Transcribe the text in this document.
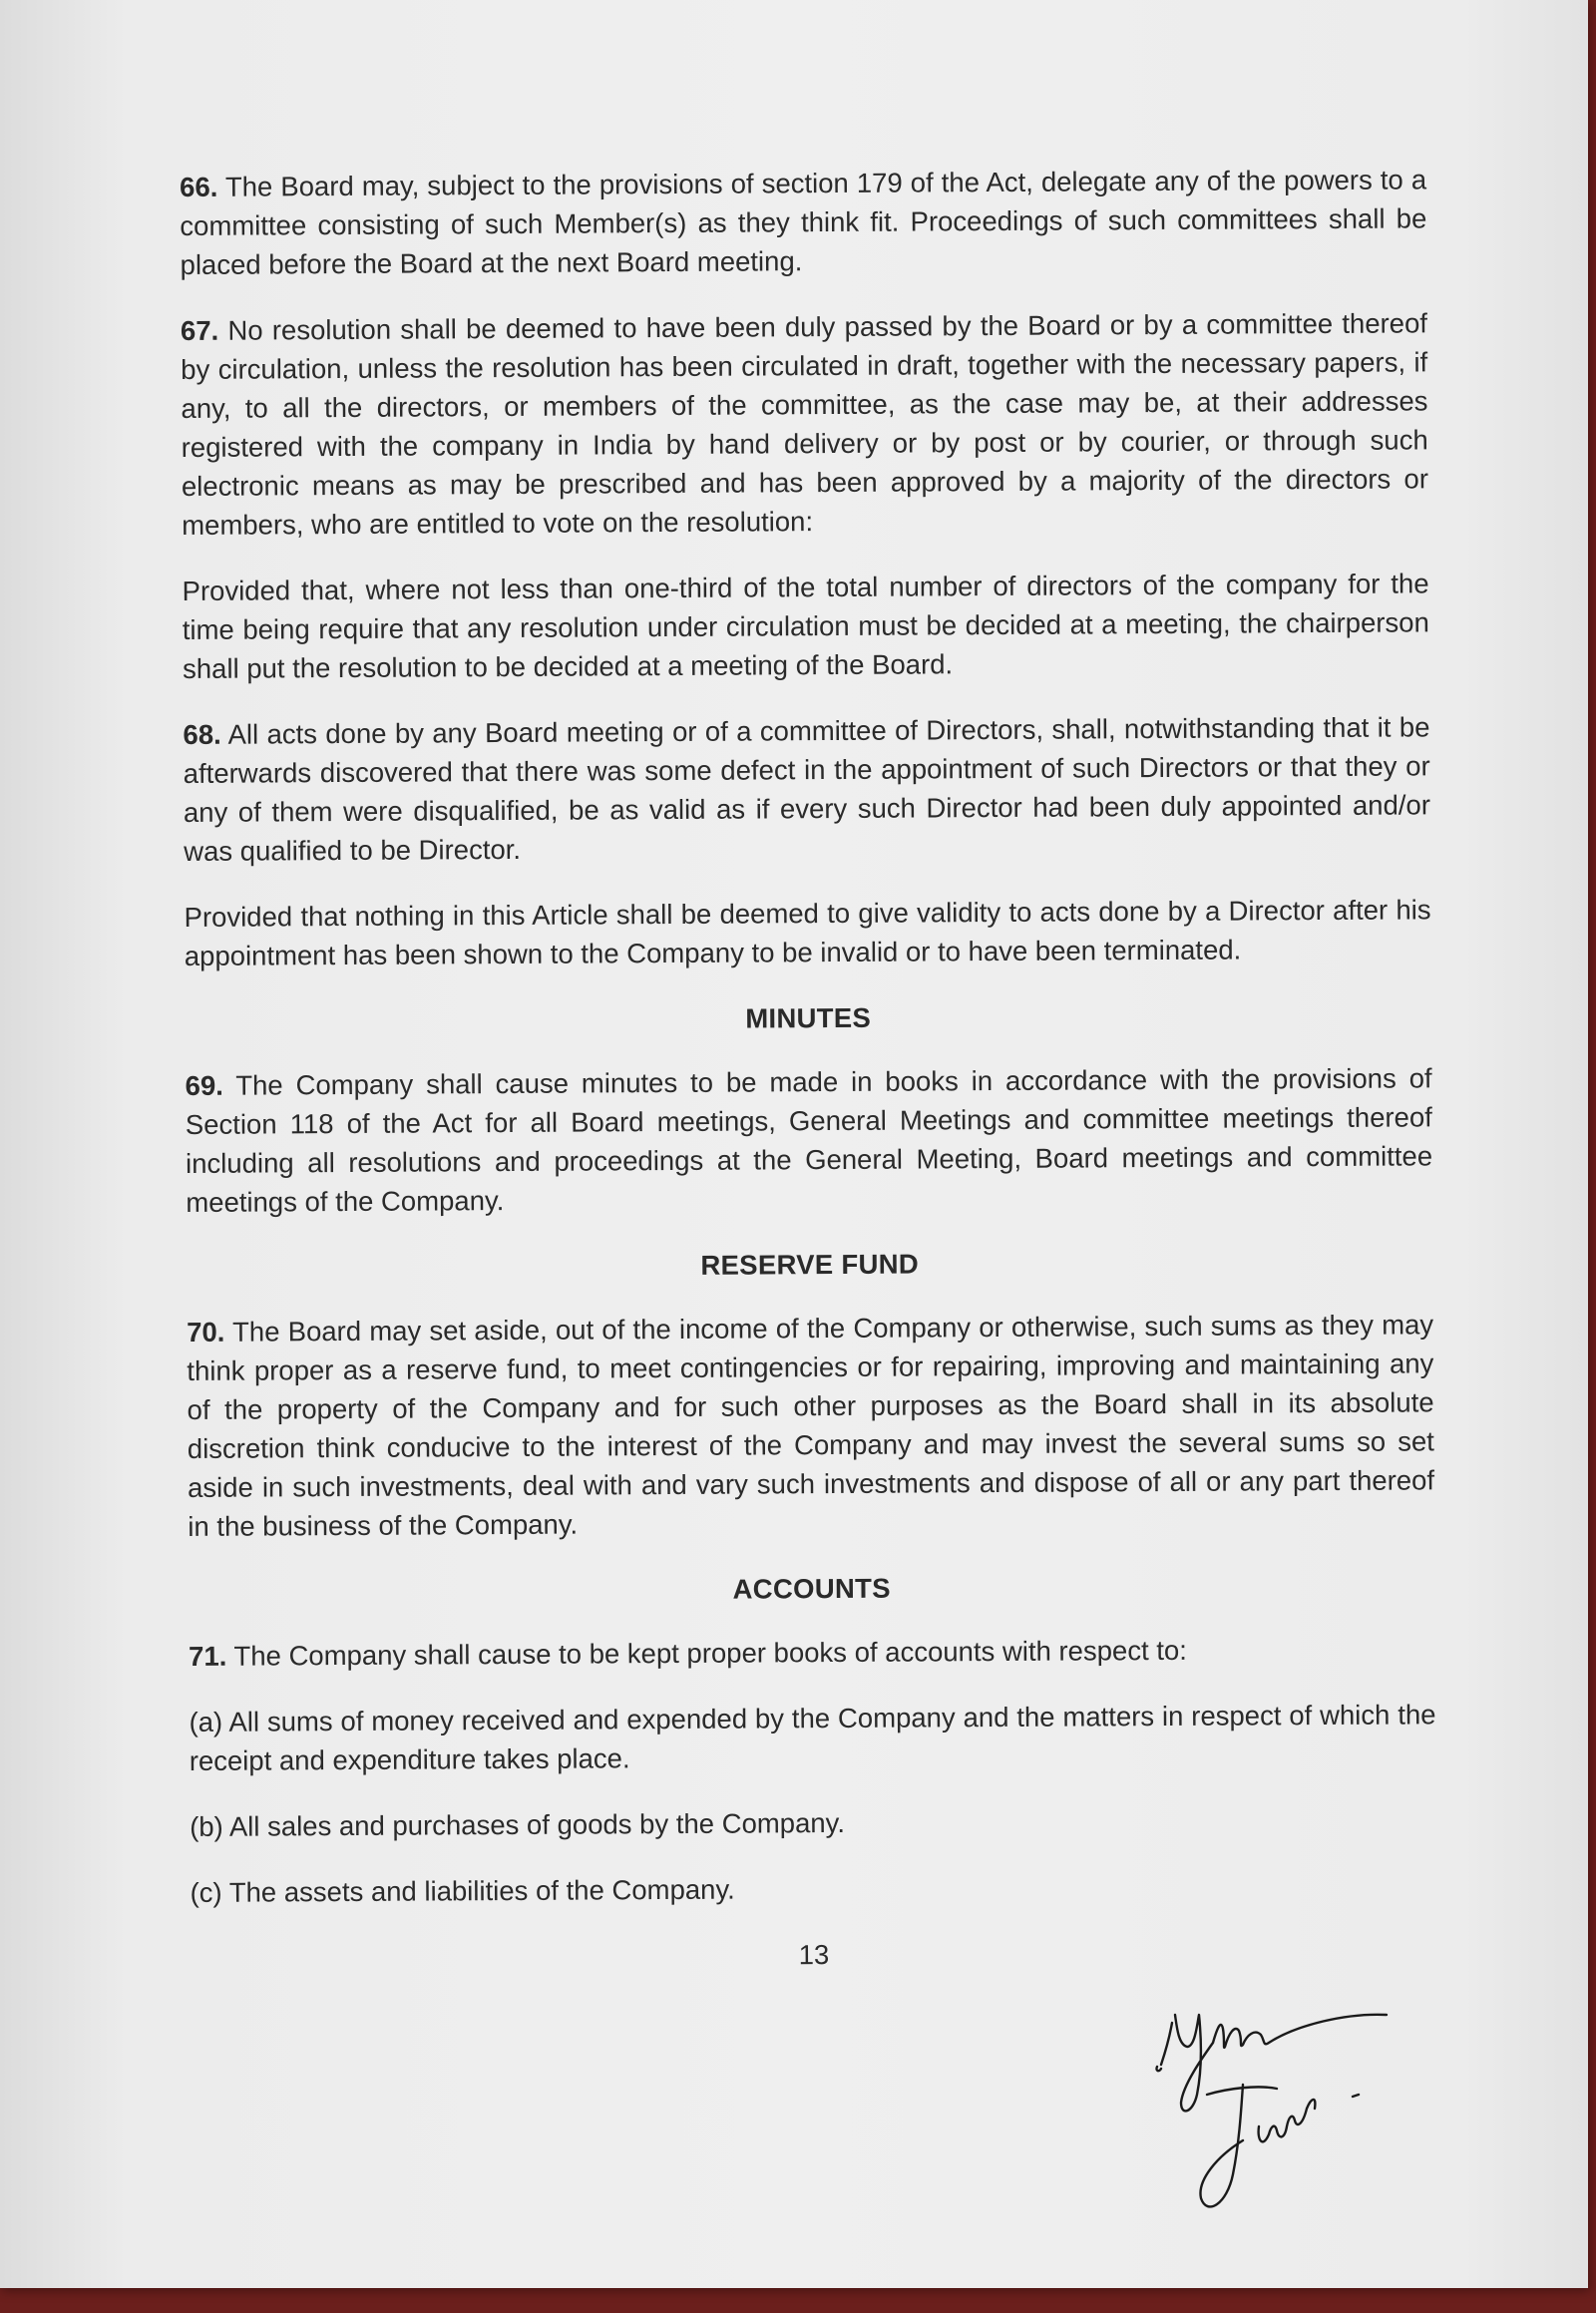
66. The Board may, subject to the provisions of section 179 of the Act, delegate any of the powers to a committee consisting of such Member(s) as they think fit. Proceedings of such committees shall be placed before the Board at the next Board meeting.

67. No resolution shall be deemed to have been duly passed by the Board or by a committee thereof by circulation, unless the resolution has been circulated in draft, together with the necessary papers, if any, to all the directors, or members of the committee, as the case may be, at their addresses registered with the company in India by hand delivery or by post or by courier, or through such electronic means as may be prescribed and has been approved by a majority of the directors or members, who are entitled to vote on the resolution:

Provided that, where not less than one-third of the total number of directors of the company for the time being require that any resolution under circulation must be decided at a meeting, the chairperson shall put the resolution to be decided at a meeting of the Board.

68. All acts done by any Board meeting or of a committee of Directors, shall, notwithstanding that it be afterwards discovered that there was some defect in the appointment of such Directors or that they or any of them were disqualified, be as valid as if every such Director had been duly appointed and/or was qualified to be Director.

Provided that nothing in this Article shall be deemed to give validity to acts done by a Director after his appointment has been shown to the Company to be invalid or to have been terminated.

MINUTES

69. The Company shall cause minutes to be made in books in accordance with the provisions of Section 118 of the Act for all Board meetings, General Meetings and committee meetings thereof including all resolutions and proceedings at the General Meeting, Board meetings and committee meetings of the Company.

RESERVE FUND

70. The Board may set aside, out of the income of the Company or otherwise, such sums as they may think proper as a reserve fund, to meet contingencies or for repairing, improving and maintaining any of the property of the Company and for such other purposes as the Board shall in its absolute discretion think conducive to the interest of the Company and may invest the several sums so set aside in such investments, deal with and vary such investments and dispose of all or any part thereof in the business of the Company.

ACCOUNTS

71. The Company shall cause to be kept proper books of accounts with respect to:

(a) All sums of money received and expended by the Company and the matters in respect of which the receipt and expenditure takes place.

(b) All sales and purchases of goods by the Company.

(c) The assets and liabilities of the Company.

13
